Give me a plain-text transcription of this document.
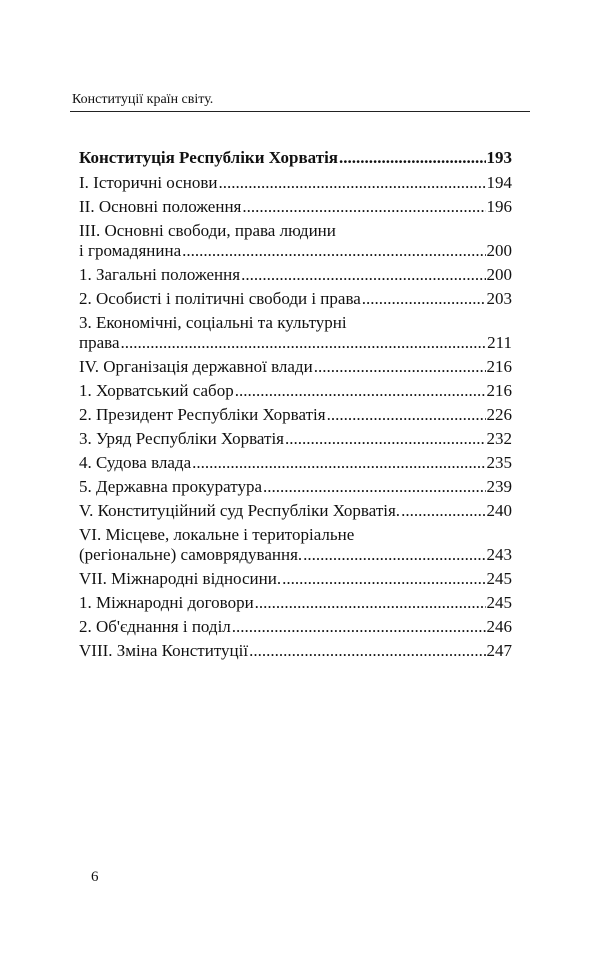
Конституції країн світу.
Конституція Республіки Хорватія .....	193
I. Історичні основи .....	194
II. Основні положення .....	196
III. Основні свободи, права людини
і громадянина .....	200
1. Загальні положення .....	200
2. Особисті і політичні свободи і права .....	203
3. Економічні, соціальні та культурні
права .....	211
IV. Організація державної влади .....	216
1. Хорватський сабор .....	216
2. Президент Республіки Хорватія .....	226
3. Уряд Республіки Хорватія .....	232
4. Судова влада .....	235
5. Державна прокуратура .....	239
V. Конституційний суд Республіки Хорватія. .....	240
VI. Місцеве, локальне і територіальне
(регіональне) самоврядування. .....	243
VII. Міжнародні відносини. .....	245
1. Міжнародні договори .....	245
2. Об'єднання і поділ .....	246
VIII. Зміна Конституції .....	247
6
